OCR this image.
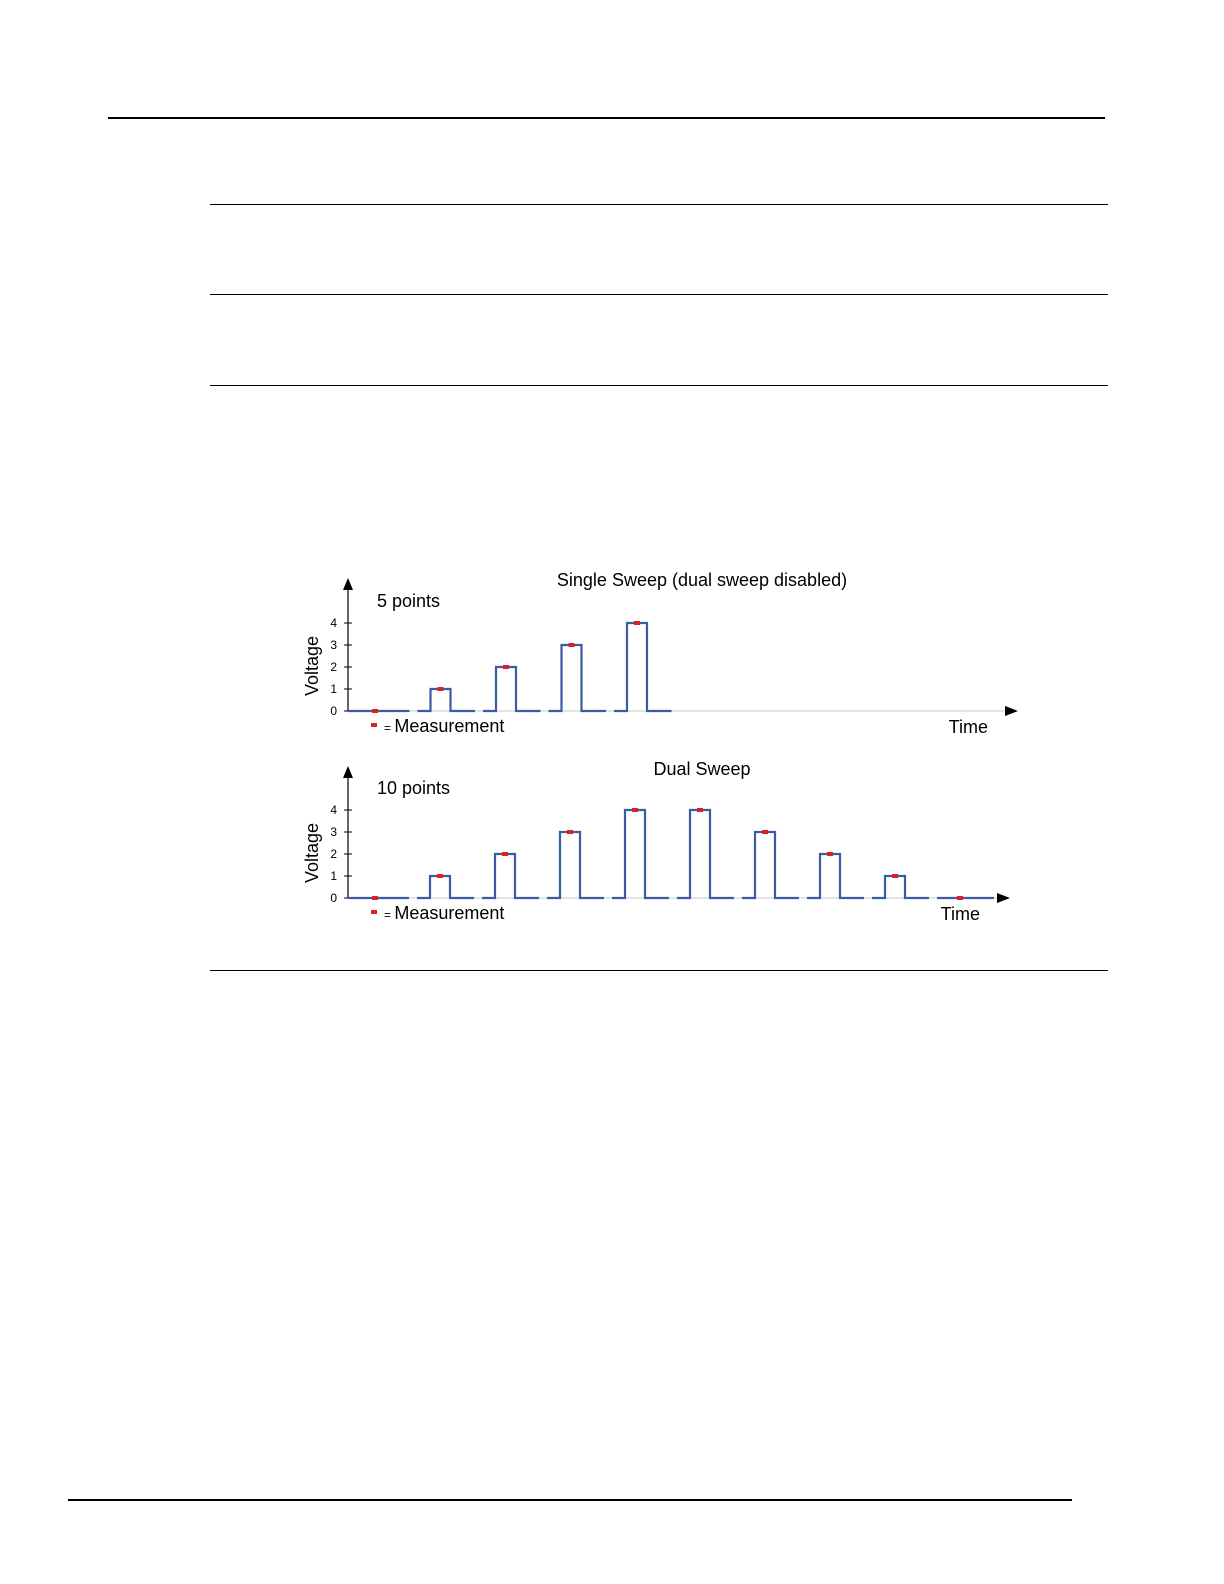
Single Sweep (dual sweep disabled)
5 points
Voltage
0
1
2
3
4
Time
= Measurement
Dual Sweep
10 points
Voltage
0
1
2
3
4
Time
= Measurement
